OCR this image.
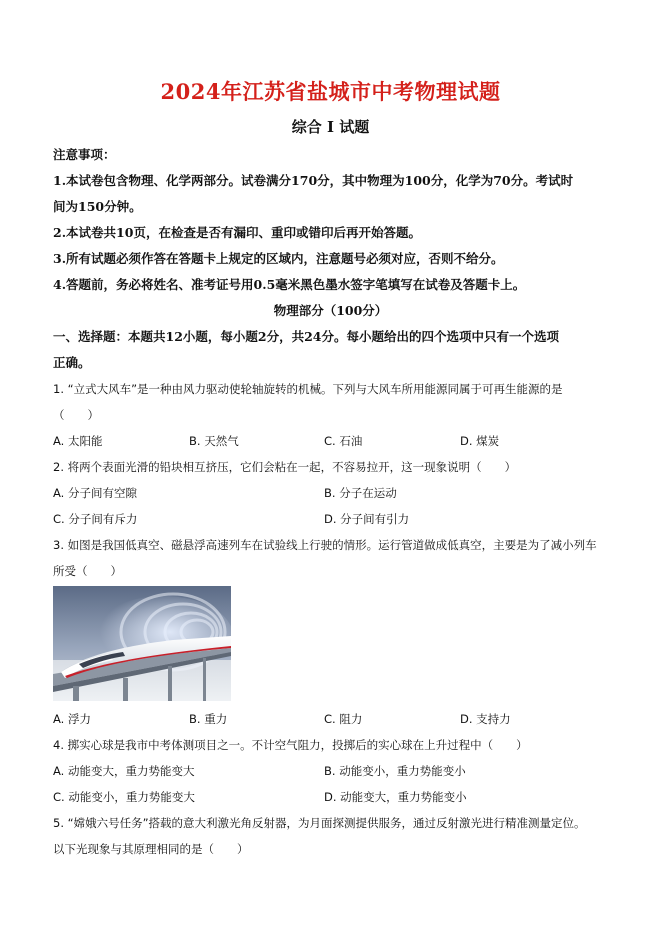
2024年江苏省盐城市中考物理试题
综合 I 试题
注意事项：
1.本试卷包含物理、化学两部分。试卷满分170分，其中物理为100分，化学为70分。考试时
间为150分钟。
2.本试卷共10页，在检查是否有漏印、重印或错印后再开始答题。
3.所有试题必须作答在答题卡上规定的区域内，注意题号必须对应，否则不给分。
4.答题前，务必将姓名、准考证号用0.5毫米黑色墨水签字笔填写在试卷及答题卡上。
物理部分（100分）
一、选择题：本题共12小题，每小题2分，共24分。每小题给出的四个选项中只有一个选项
正确。
1. “立式大风车”是一种由风力驱动使轮轴旋转的机械。下列与大风车所用能源同属于可再生能源的是
（　　）
A. 太阳能	B. 天然气	C. 石油	D. 煤炭
2. 将两个表面光滑的铅块相互挤压，它们会粘在一起，不容易拉开，这一现象说明（　　）
A. 分子间有空隙	B. 分子在运动
C. 分子间有斥力	D. 分子间有引力
3. 如图是我国低真空、磁悬浮高速列车在试验线上行驶的情形。运行管道做成低真空，主要是为了减小列车
所受（　　）
A. 浮力	B. 重力	C. 阻力	D. 支持力
4. 掷实心球是我市中考体测项目之一。不计空气阻力，投掷后的实心球在上升过程中（　　）
A. 动能变大，重力势能变大	B. 动能变小，重力势能变小
C. 动能变小，重力势能变大	D. 动能变大，重力势能变小
5. “嫦娥六号任务”搭载的意大利激光角反射器，为月面探测提供服务，通过反射激光进行精准测量定位。
以下光现象与其原理相同的是（　　）
